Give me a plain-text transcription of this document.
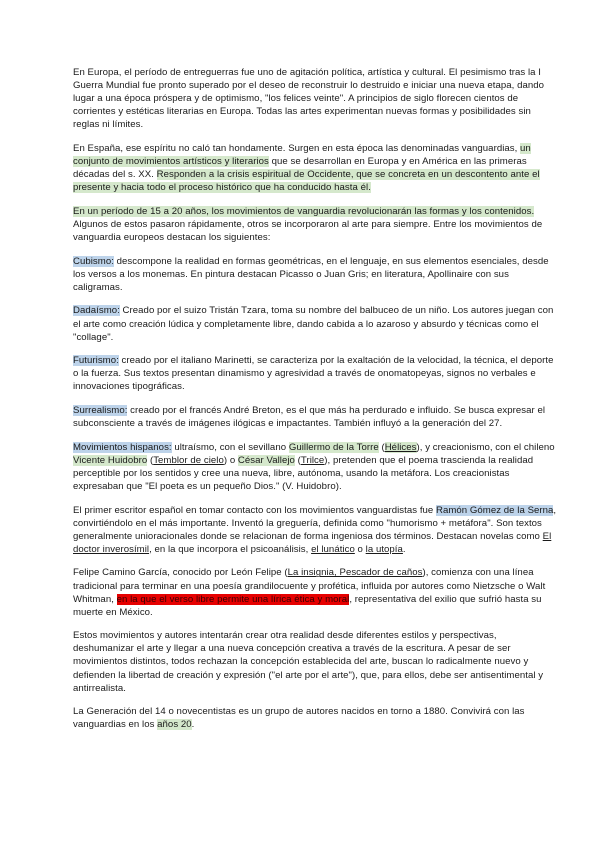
En Europa, el período de entreguerras fue uno de agitación política, artística y cultural. El pesimismo tras la I Guerra Mundial fue pronto superado por el deseo de reconstruir lo destruido e iniciar una nueva etapa, dando lugar a una época próspera y de optimismo, "los felices veinte". A principios de siglo florecen cientos de corrientes y estéticas literarias en Europa. Todas las artes experimentan nuevas formas y posibilidades sin reglas ni límites.

En España, ese espíritu no caló tan hondamente. Surgen en esta época las denominadas vanguardias, un conjunto de movimientos artísticos y literarios que se desarrollan en Europa y en América en las primeras décadas del s. XX. Responden a la crisis espiritual de Occidente, que se concreta en un descontento ante el presente y hacia todo el proceso histórico que ha conducido hasta él.

En un período de 15 a 20 años, los movimientos de vanguardia revolucionarán las formas y los contenidos. Algunos de estos pasaron rápidamente, otros se incorporaron al arte para siempre. Entre los movimientos de vanguardia europeos destacan los siguientes:

Cubismo: descompone la realidad en formas geométricas, en el lenguaje, en sus elementos esenciales, desde los versos a los monemas. En pintura destacan Picasso o Juan Gris; en literatura, Apollinaire con sus caligramas.

Dadaísmo: Creado por el suizo Tristán Tzara, toma su nombre del balbuceo de un niño. Los autores juegan con el arte como creación lúdica y completamente libre, dando cabida a lo azaroso y absurdo y técnicas como el "collage".

Futurismo: creado por el italiano Marinetti, se caracteriza por la exaltación de la velocidad, la técnica, el deporte o la fuerza. Sus textos presentan dinamismo y agresividad a través de onomatopeyas, signos no verbales e innovaciones tipográficas.

Surrealismo: creado por el francés André Breton, es el que más ha perdurado e influido. Se busca expresar el subconsciente a través de imágenes ilógicas e impactantes. También influyó a la generación del 27.

Movimientos hispanos: ultraísmo, con el sevillano Guillermo de la Torre (Hélices), y creacionismo, con el chileno Vicente Huidobro (Temblor de cielo) o César Vallejo (Trilce), pretenden que el poema trascienda la realidad perceptible por los sentidos y cree una nueva, libre, autónoma, usando la metáfora. Los creacionistas expresaban que "El poeta es un pequeño Dios." (V. Huidobro).

El primer escritor español en tomar contacto con los movimientos vanguardistas fue Ramón Gómez de la Serna, convirtiéndolo en el más importante. Inventó la greguería, definida como "humorismo + metáfora". Son textos generalmente unioracionales donde se relacionan de forma ingeniosa dos términos. Destacan novelas como El doctor inverosímil, en la que incorpora el psicoanálisis, el lunático o la utopía.

Felipe Camino García, conocido por León Felipe (La insignia, Pescador de caños), comienza con una línea tradicional para terminar en una poesía grandilocuente y profética, influida por autores como Nietzsche o Walt Whitman, en la que el verso libre permite una lírica ética y moral, representativa del exilio que sufrió hasta su muerte en México.

Estos movimientos y autores intentarán crear otra realidad desde diferentes estilos y perspectivas, deshumanizar el arte y llegar a una nueva concepción creativa a través de la escritura. A pesar de ser movimientos distintos, todos rechazan la concepción establecida del arte, buscan lo radicalmente nuevo y defienden la libertad de creación y expresión ("el arte por el arte"), que, para ellos, debe ser antisentimental y antirrealista.

La Generación del 14 o novecentistas es un grupo de autores nacidos en torno a 1880. Convivirá con las vanguardias en los años 20.
